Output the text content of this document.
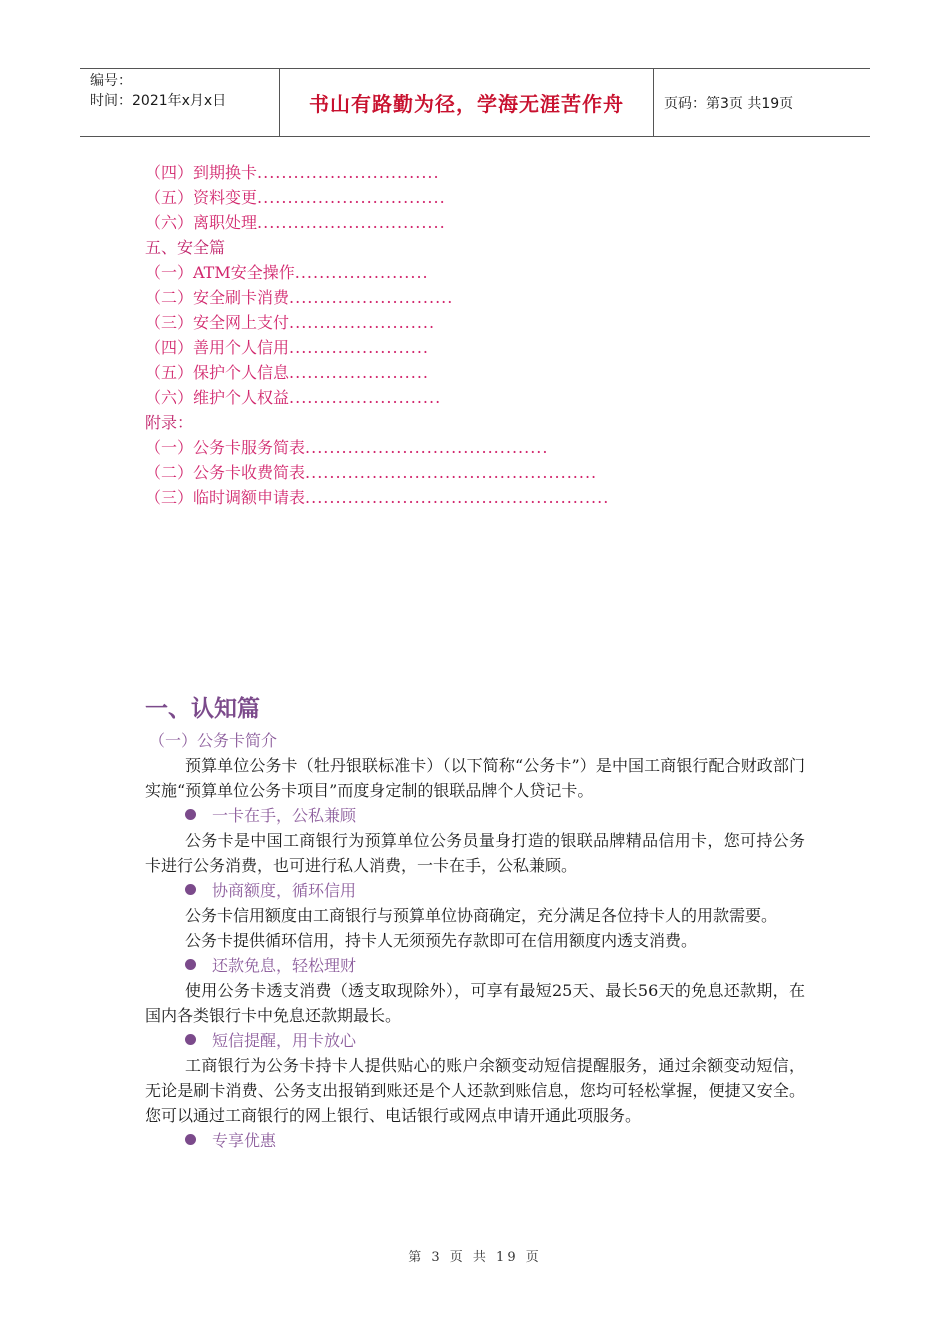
编号：
时间：2021年x月x日	书山有路勤为径，学海无涯苦作舟	页码：第3页 共19页
（四）到期换卡..............................
（五）资料变更...............................
（六）离职处理...............................
五、安全篇
（一）ATM安全操作......................
（二）安全刷卡消费...........................
（三）安全网上支付........................
（四）善用个人信用.......................
（五）保护个人信息.......................
（六）维护个人权益.........................
附录：
（一）公务卡服务简表........................................
（二）公务卡收费简表................................................
（三）临时调额申请表..................................................
一、认知篇
（一）公务卡简介
预算单位公务卡（牡丹银联标准卡）（以下简称“公务卡”）是中国工商银行配合财政部门实施“预算单位公务卡项目”而度身定制的银联品牌个人贷记卡。
一卡在手，公私兼顾
公务卡是中国工商银行为预算单位公务员量身打造的银联品牌精品信用卡，您可持公务卡进行公务消费，也可进行私人消费，一卡在手，公私兼顾。
协商额度，循环信用
公务卡信用额度由工商银行与预算单位协商确定，充分满足各位持卡人的用款需要。
公务卡提供循环信用，持卡人无须预先存款即可在信用额度内透支消费。
还款免息，轻松理财
使用公务卡透支消费（透支取现除外），可享有最短25天、最长56天的免息还款期，在国内各类银行卡中免息还款期最长。
短信提醒，用卡放心
工商银行为公务卡持卡人提供贴心的账户余额变动短信提醒服务，通过余额变动短信，无论是刷卡消费、公务支出报销到账还是个人还款到账信息，您均可轻松掌握，便捷又安全。您可以通过工商银行的网上银行、电话银行或网点申请开通此项服务。
专享优惠
第 3 页 共 19 页
